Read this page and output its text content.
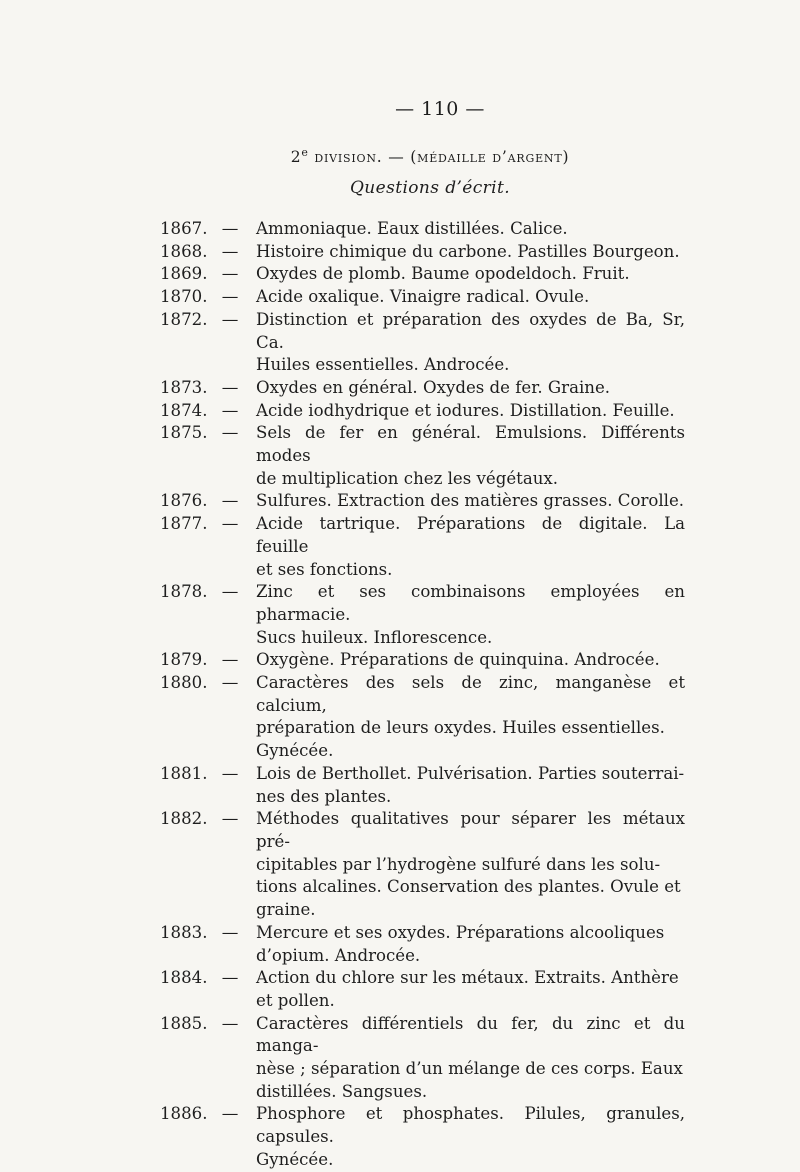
— 110 —
2e division. — (médaille d’argent)
Questions d’écrit.
1867. —	Ammoniaque. Eaux distillées. Calice.
1868. —	Histoire chimique du carbone. Pastilles Bourgeon.
1869. —	Oxydes de plomb. Baume opodeldoch. Fruit.
1870. —	Acide oxalique. Vinaigre radical. Ovule.
1872. —	Distinction et préparation des oxydes de Ba, Sr, Ca.
Huiles essentielles. Androcée.
1873. —	Oxydes en général. Oxydes de fer. Graine.
1874. —	Acide iodhydrique et iodures. Distillation. Feuille.
1875. —	Sels de fer en général. Emulsions. Différents modes
de multiplication chez les végétaux.
1876. —	Sulfures. Extraction des matières grasses. Corolle.
1877. —	Acide tartrique. Préparations de digitale. La feuille
et ses fonctions.
1878. —	Zinc et ses combinaisons employées en pharmacie.
Sucs huileux. Inflorescence.
1879. —	Oxygène. Préparations de quinquina. Androcée.
1880. —	Caractères des sels de zinc, manganèse et calcium,
préparation de leurs oxydes. Huiles essentielles.
Gynécée.
1881. —	Lois de Berthollet. Pulvérisation. Parties souterrai-
nes des plantes.
1882. —	Méthodes qualitatives pour séparer les métaux pré-
cipitables par l’hydrogène sulfuré dans les solu-
tions alcalines. Conservation des plantes. Ovule et
graine.
1883. —	Mercure et ses oxydes. Préparations alcooliques
d’opium. Androcée.
1884. —	Action du chlore sur les métaux. Extraits. Anthère
et pollen.
1885. —	Caractères différentiels du fer, du zinc et du manga-
nèse ; séparation d’un mélange de ces corps. Eaux
distillées. Sangsues.
1886. —	Phosphore et phosphates. Pilules, granules, capsules.
Gynécée.
